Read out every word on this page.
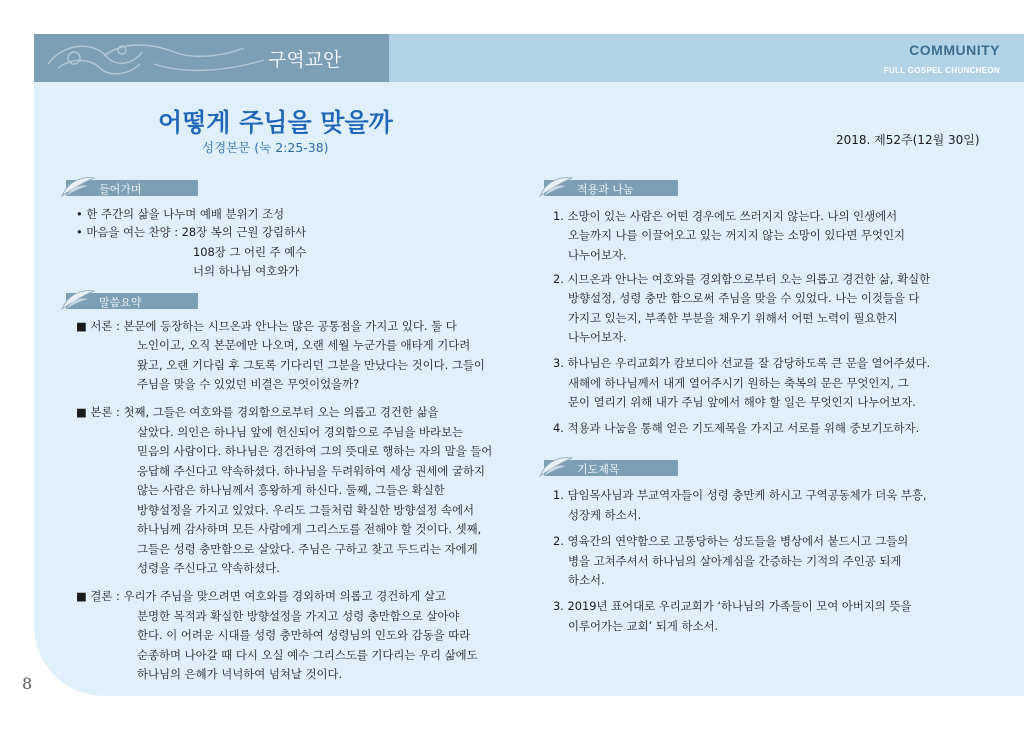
구역교안	COMMUNITY
FULL GOSPEL CHUNCHEON
어떻게 주님을 맞을까
성경본문 (눅 2:25-38)	2018. 제52주(12월 30일)
들어가며
• 한 주간의 삶을 나누며 예배 분위기 조성
• 마음을 여는 찬양 : 28장 복의 근원 강림하사
108장 그 어린 주 예수
너의 하나님 여호와가
말씀요약
■ 서론 : 본문에 등장하는 시므온과 안나는 많은 공통점을 가지고 있다. 둘 다
노인이고, 오직 본문에만 나오며, 오랜 세월 누군가를 애타게 기다려
왔고, 오랜 기다림 후 그토록 기다리던 그분을 만났다는 것이다. 그들이
주님을 맞을 수 있었던 비결은 무엇이었을까?
■ 본론 : 첫째, 그들은 여호와를 경외함으로부터 오는 의롭고 경건한 삶을
살았다. 의인은 하나님 앞에 헌신되어 경외함으로 주님을 바라보는
믿음의 사람이다. 하나님은 경건하여 그의 뜻대로 행하는 자의 말을 들어
응답해 주신다고 약속하셨다. 하나님을 두려워하여 세상 권세에 굴하지
않는 사람은 하나님께서 흥왕하게 하신다. 둘째, 그들은 확실한
방향설정을 가지고 있었다. 우리도 그들처럼 확실한 방향설정 속에서
하나님께 감사하며 모든 사람에게 그리스도를 전해야 할 것이다. 셋째,
그들은 성령 충만함으로 살았다. 주님은 구하고 찾고 두드리는 자에게
성령을 주신다고 약속하셨다.
■ 결론 : 우리가 주님을 맞으려면 여호와를 경외하며 의롭고 경건하게 살고
분명한 목적과 확실한 방향설정을 가지고 성령 충만함으로 살아야
한다. 이 어려운 시대를 성령 충만하여 성령님의 인도와 감동을 따라
순종하며 나아갈 때 다시 오실 예수 그리스도를 기다리는 우리 삶에도
하나님의 은혜가 넉넉하여 넘쳐날 것이다.
적용과 나눔
1. 소망이 있는 사람은 어떤 경우에도 쓰러지지 않는다. 나의 인생에서
오늘까지 나를 이끌어오고 있는 꺼지지 않는 소망이 있다면 무엇인지
나누어보자.
2. 시므온과 안나는 여호와를 경외함으로부터 오는 의롭고 경건한 삶, 확실한
방향설정, 성령 충만 함으로써 주님을 맞을 수 있었다. 나는 이것들을 다
가지고 있는지, 부족한 부분을 채우기 위해서 어떤 노력이 필요한지
나누어보자.
3. 하나님은 우리교회가 캄보디아 선교를 잘 감당하도록 큰 문을 열어주셨다.
새해에 하나님께서 내게 열어주시기 원하는 축복의 문은 무엇인지, 그
문이 열리기 위해 내가 주님 앞에서 해야 할 일은 무엇인지 나누어보자.
4. 적용과 나눔을 통해 얻은 기도제목을 가지고 서로를 위해 중보기도하자.
기도제목
1. 담임목사님과 부교역자들이 성령 충만케 하시고 구역공동체가 더욱 부흥,
성장케 하소서.
2. 영육간의 연약함으로 고통당하는 성도들을 병상에서 붙드시고 그들의
병을 고쳐주셔서 하나님의 살아계심을 간증하는 기적의 주인공 되게
하소서.
3. 2019년 표어대로 우리교회가 ‘하나님의 가족들이 모여 아버지의 뜻을
이루어가는 교회’ 되게 하소서.
8
